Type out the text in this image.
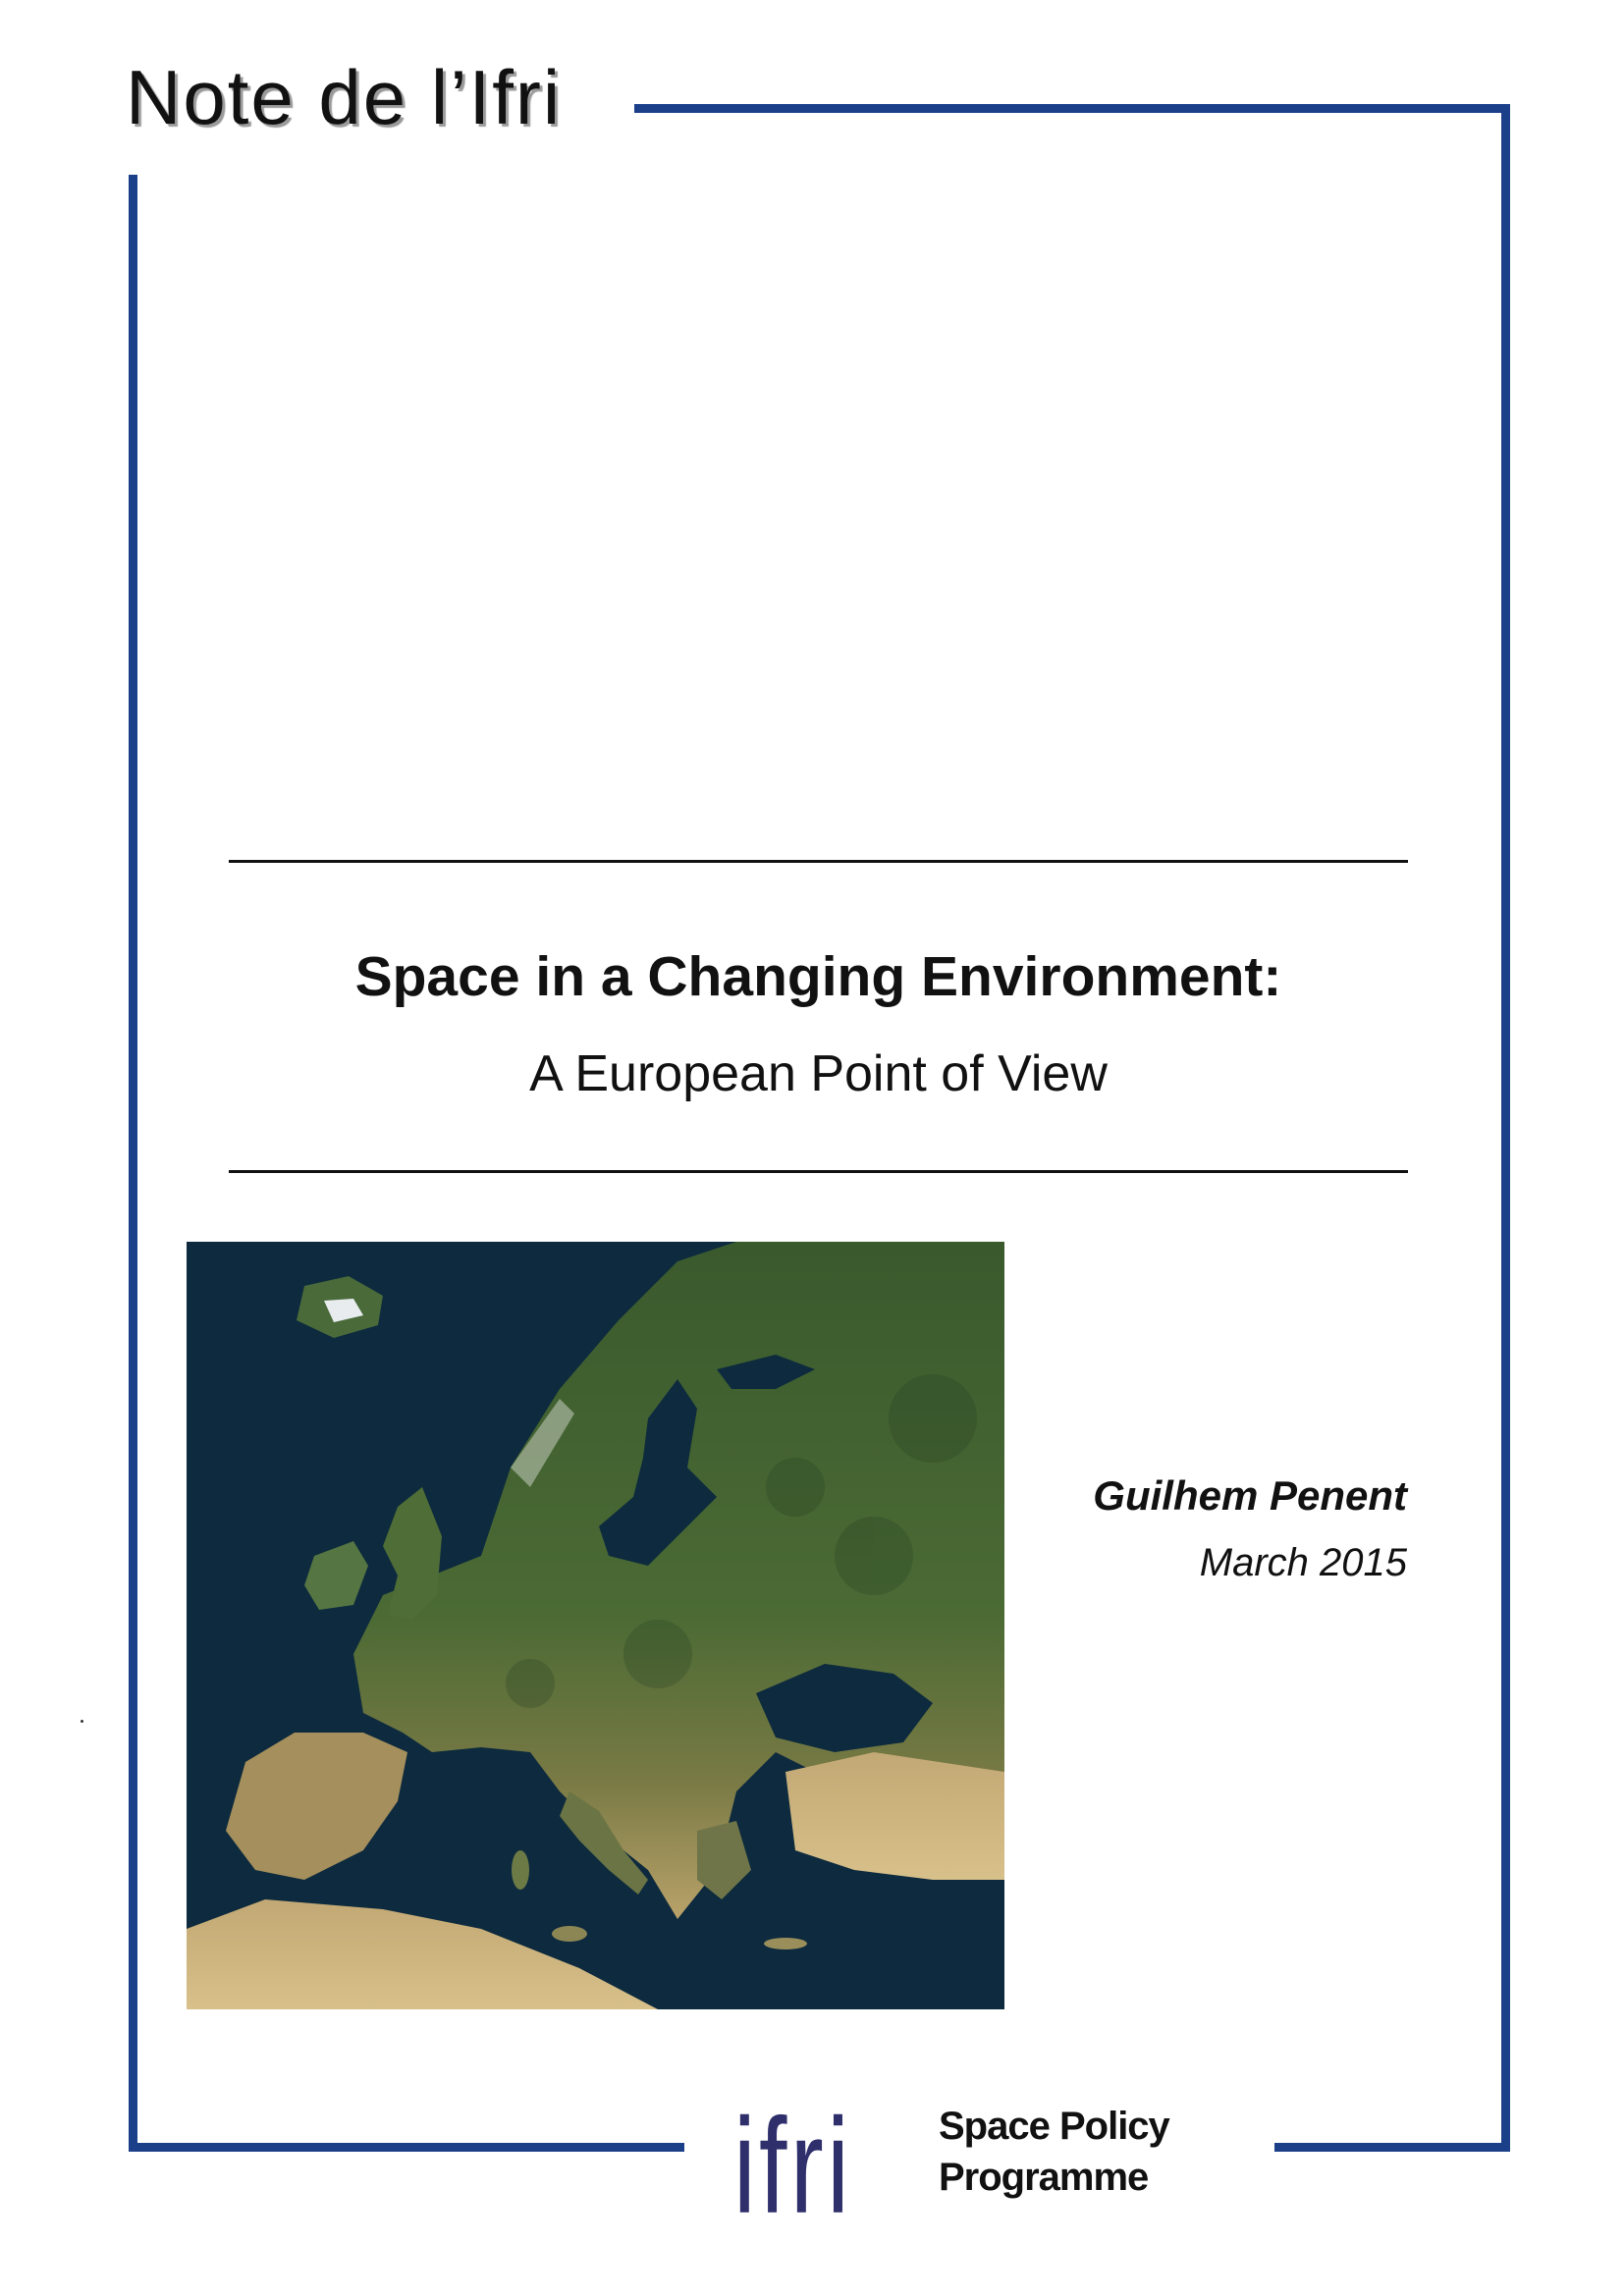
Note de l’Ifri
Space in a Changing Environment:
A European Point of View
Guilhem Penent
March 2015
ifri Space Policy
Programme
